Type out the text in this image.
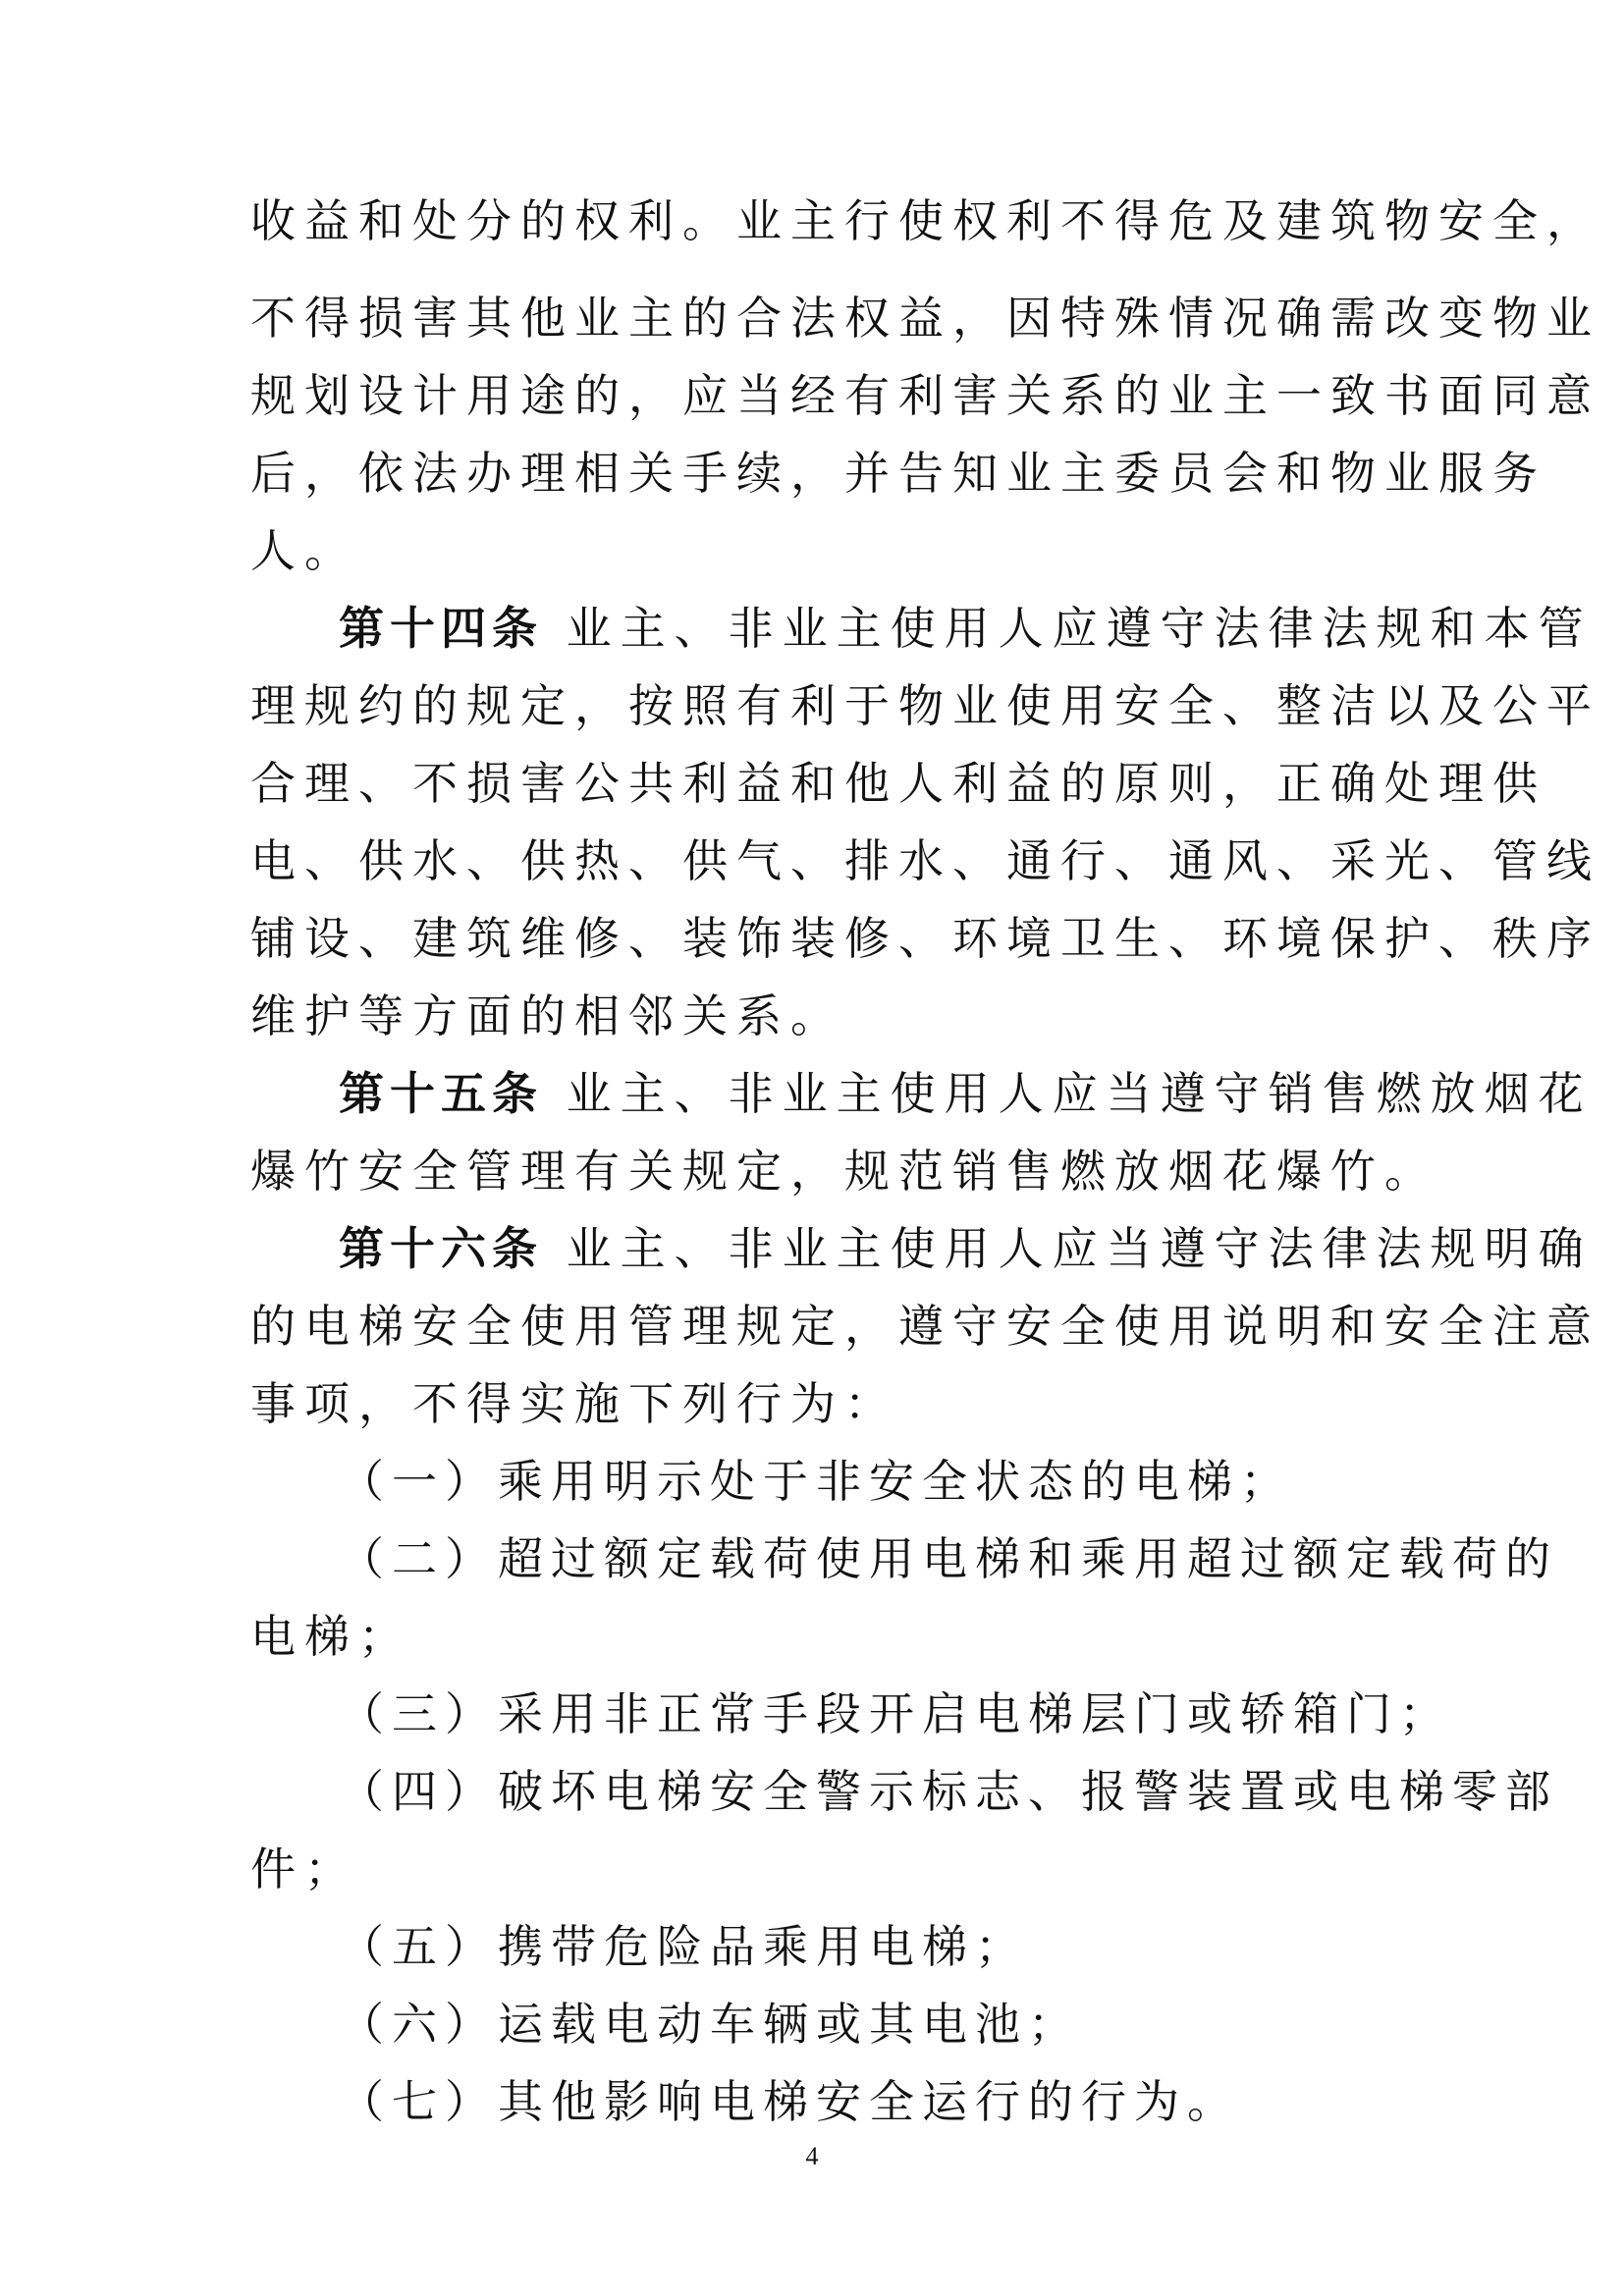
收益和处分的权利。业主行使权利不得危及建筑物安全，
不得损害其他业主的合法权益，因特殊情况确需改变物业
规划设计用途的，应当经有利害关系的业主一致书面同意
后，依法办理相关手续，并告知业主委员会和物业服务
人。
第十四条 业主、非业主使用人应遵守法律法规和本管
理规约的规定，按照有利于物业使用安全、整洁以及公平
合理、不损害公共利益和他人利益的原则，正确处理供
电、供水、供热、供气、排水、通行、通风、采光、管线
铺设、建筑维修、装饰装修、环境卫生、环境保护、秩序
维护等方面的相邻关系。
第十五条 业主、非业主使用人应当遵守销售燃放烟花
爆竹安全管理有关规定，规范销售燃放烟花爆竹。
第十六条 业主、非业主使用人应当遵守法律法规明确
的电梯安全使用管理规定，遵守安全使用说明和安全注意
事项，不得实施下列行为：
（一）乘用明示处于非安全状态的电梯；
（二）超过额定载荷使用电梯和乘用超过额定载荷的
电梯；
（三）采用非正常手段开启电梯层门或轿箱门；
（四）破坏电梯安全警示标志、报警装置或电梯零部
件；
（五）携带危险品乘用电梯；
（六）运载电动车辆或其电池；
（七）其他影响电梯安全运行的行为。
4
